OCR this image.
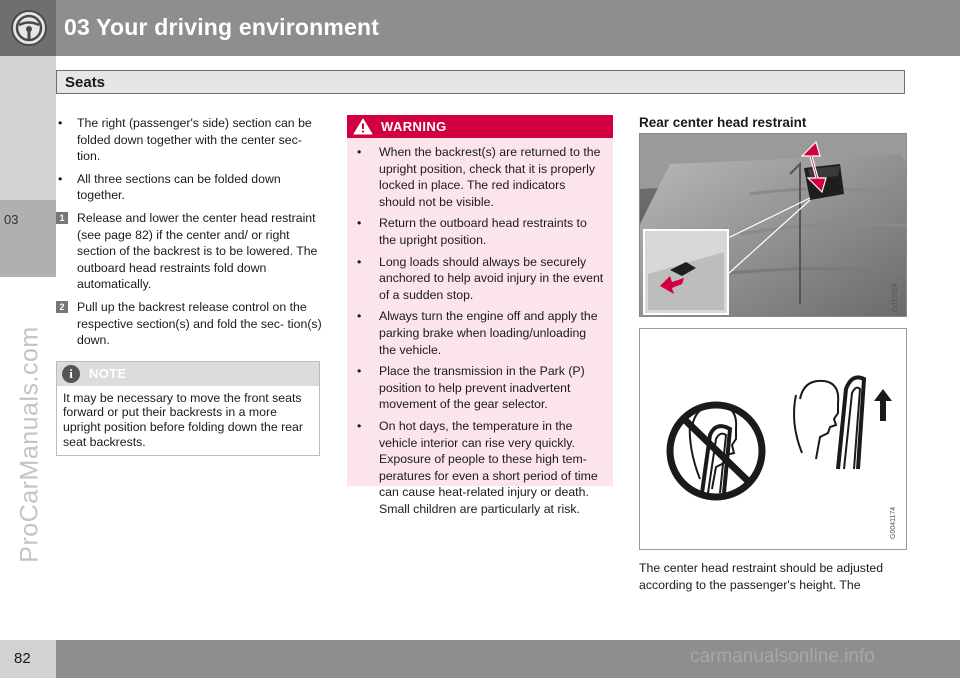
03 Your driving environment
Seats
03
ProCarManuals.com
• The right (passenger's side) section can be folded down together with the center sec- tion.
• All three sections can be folded down together.
1 Release and lower the center head restraint (see page 82) if the center and/ or right section of the backrest is to be lowered. The outboard head restraints fold down automatically.
2 Pull up the backrest release control on the respective section(s) and fold the sec- tion(s) down.
i	NOTE
It may be necessary to move the front seats forward or put their backrests in a more upright position before folding down the rear seat backrests.
WARNING
• When the backrest(s) are returned to the upright position, check that it is properly locked in place. The red indicators should not be visible.
• Return the outboard head restraints to the upright position.
• Long loads should always be securely anchored to help avoid injury in the event of a sudden stop.
• Always turn the engine off and apply the parking brake when loading/unloading the vehicle.
• Place the transmission in the Park (P) position to help prevent inadvertent movement of the gear selector.
• On hot days, the temperature in the vehicle interior can rise very quickly. Exposure of people to these high tem- peratures for even a short period of time can cause heat-related injury or death. Small children are particularly at risk.
Rear center head restraint
G017624
G0041174
The center head restraint should be adjusted according to the passenger's height. The
82	carmanualsonline.info
